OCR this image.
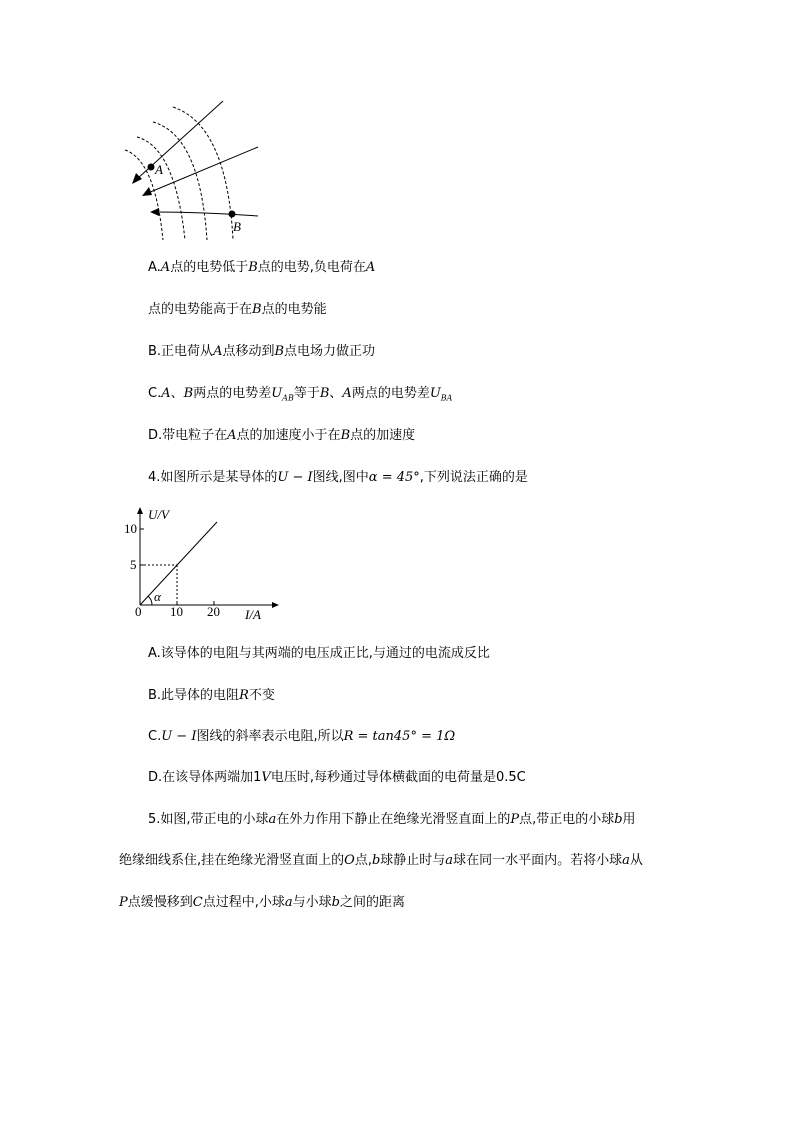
A
B
A.A点的电势低于B点的电势,负电荷在A
点的电势能高于在B点的电势能
B.正电荷从A点移动到B点电场力做正功
C.A、B两点的电势差$U_{AB}$等于B、A两点的电势差$U_{BA}$
D.带电粒子在A点的加速度小于在B点的加速度
4.如图所示是某导体的U − I图线,图中α = 45°,下列说法正确的是
U/V
I/A
10
5
0 10 20
α
A.该导体的电阻与其两端的电压成正比,与通过的电流成反比
B.此导体的电阻R不变
C.U − I图线的斜率表示电阻,所以R = tan45° = 1Ω
D.在该导体两端加1V电压时,每秒通过导体横截面的电荷量是0.5C
5.如图,带正电的小球a在外力作用下静止在绝缘光滑竖直面上的P点,带正电的小球b用
绝缘细线系住,挂在绝缘光滑竖直面上的O点,b球静止时与a球在同一水平面内。若将小球a从
P点缓慢移到C点过程中,小球a与小球b之间的距离
